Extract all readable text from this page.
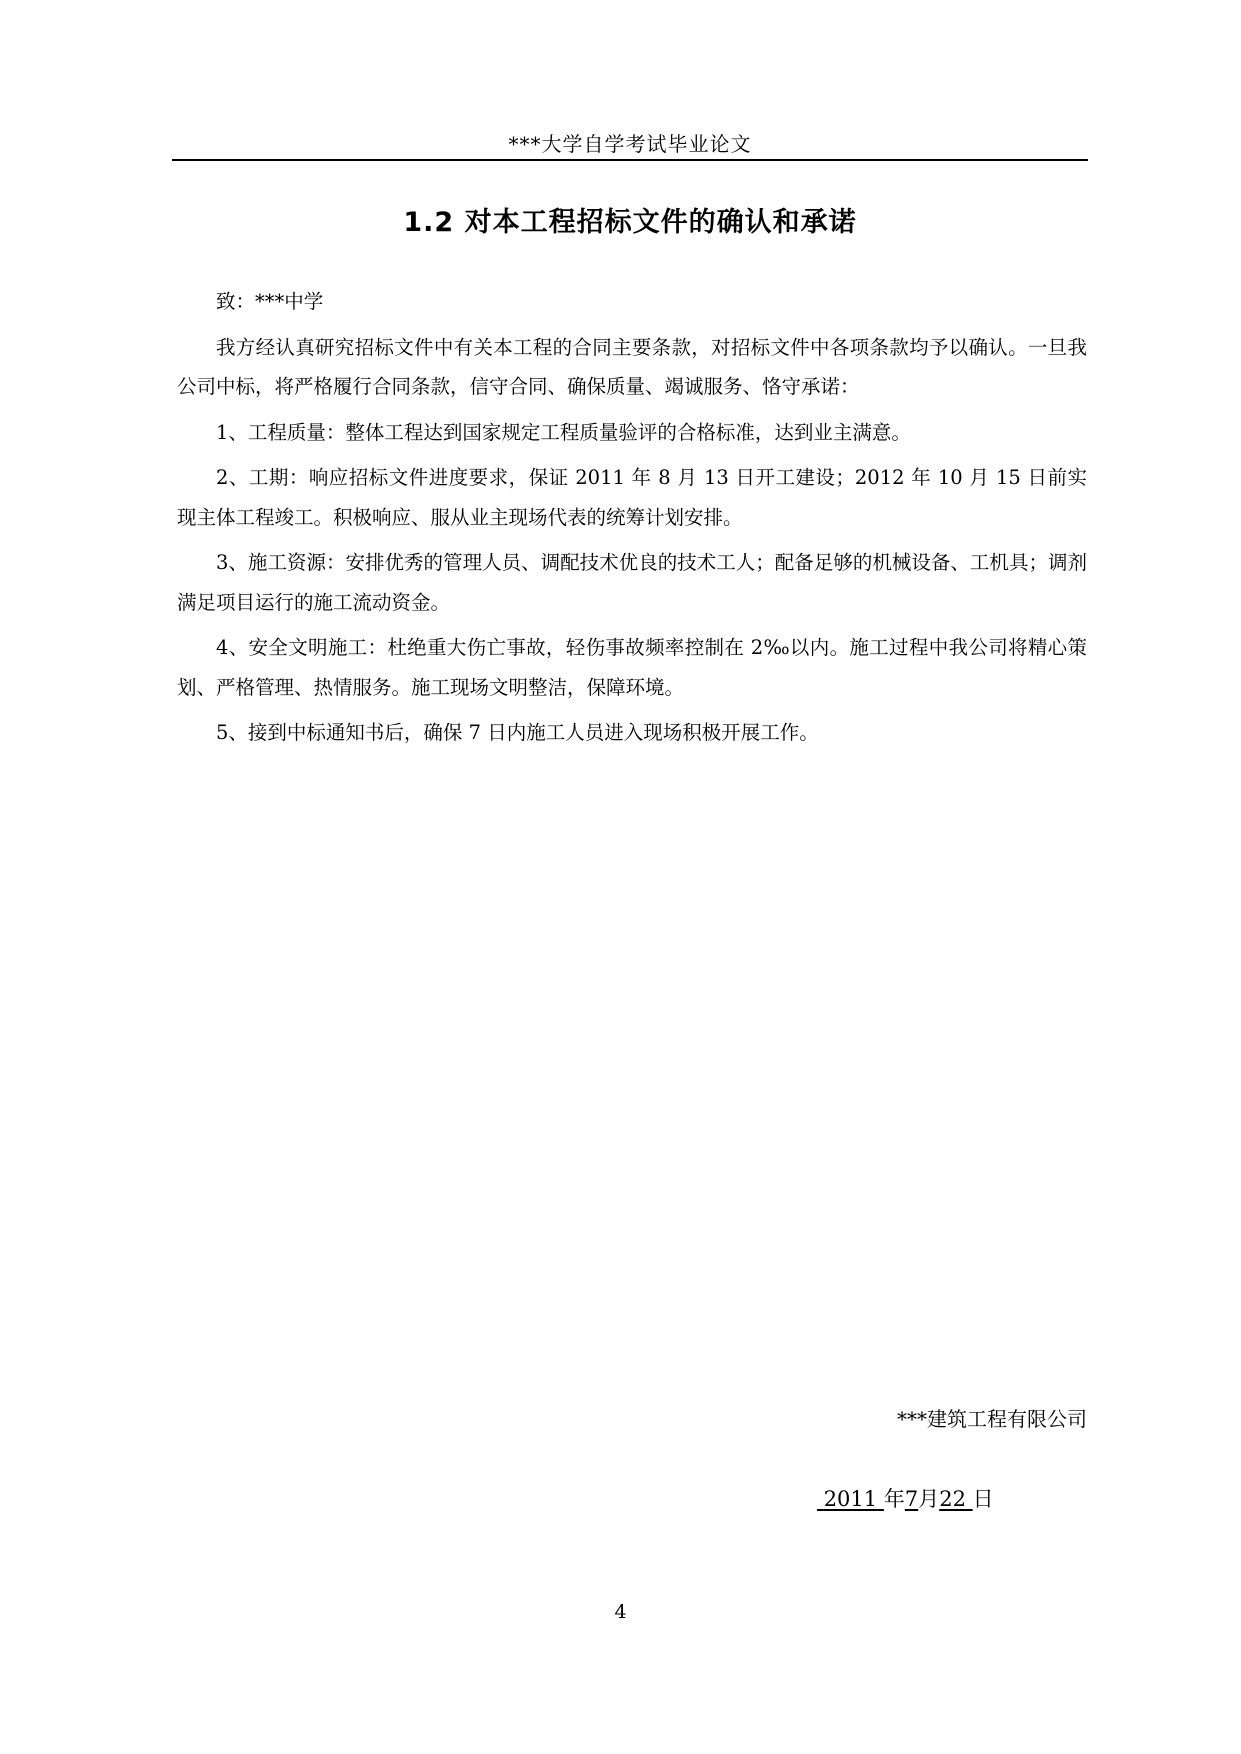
***大学自学考试毕业论文
1.2 对本工程招标文件的确认和承诺

致：***中学

我方经认真研究招标文件中有关本工程的合同主要条款，对招标文件中各项条款均予以确认。一旦我公司中标，将严格履行合同条款，信守合同、确保质量、竭诚服务、恪守承诺：

1、工程质量：整体工程达到国家规定工程质量验评的合格标准，达到业主满意。

2、工期：响应招标文件进度要求，保证 2011 年 8 月 13 日开工建设；2012 年 10 月 15 日前实现主体工程竣工。积极响应、服从业主现场代表的统筹计划安排。

3、施工资源：安排优秀的管理人员、调配技术优良的技术工人；配备足够的机械设备、工机具；调剂满足项目运行的施工流动资金。

4、安全文明施工：杜绝重大伤亡事故，轻伤事故频率控制在 2‰以内。施工过程中我公司将精心策划、严格管理、热情服务。施工现场文明整洁，保障环境。

5、接到中标通知书后，确保 7 日内施工人员进入现场积极开展工作。

***建筑工程有限公司
2011 年7月22 日
4
